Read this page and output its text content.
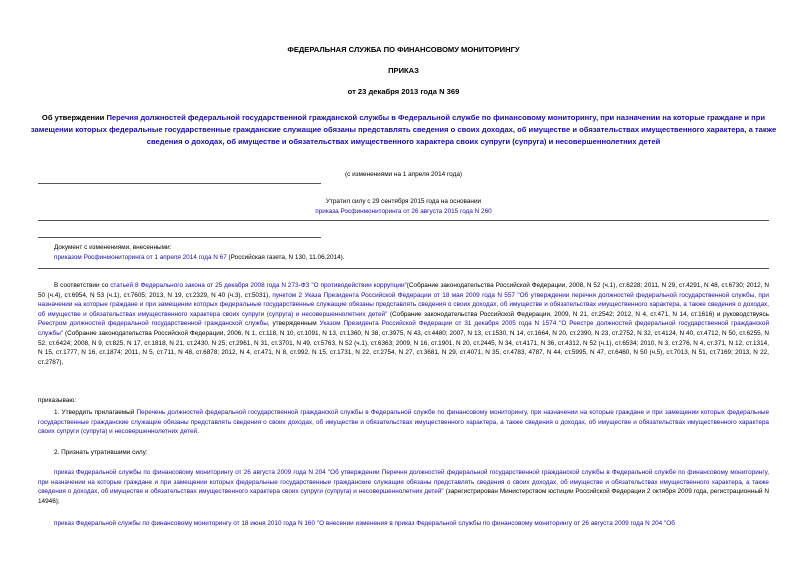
ФЕДЕРАЛЬНАЯ СЛУЖБА ПО ФИНАНСОВОМУ МОНИТОРИНГУ
ПРИКАЗ
от 23 декабря 2013 года N 369
Об утверждении Перечня должностей федеральной государственной гражданской службы в Федеральной службе по финансовому мониторингу, при назначении на которые граждане и при замещении которых федеральные государственные гражданские служащие обязаны представлять сведения о своих доходах, об имуществе и обязательствах имущественного характера, а также сведения о доходах, об имуществе и обязательствах имущественного характера своих супруги (супруга) и несовершеннолетних детей
(с изменениями на 1 апреля 2014 года)
Утратил силу с 29 сентября 2015 года на основании
приказа Росфинмониторинга от 26 августа 2015 года N 260
Документ с изменениями, внесенными:
приказом Росфинмониторинга от 1 апреля 2014 года N 67 (Российская газета, N 130, 11.06.2014).
В соответствии со статьей 8 Федерального закона от 25 декабря 2008 года N 273-ФЗ "О противодействии коррупции"(Собрание законодательства Российской Федерации, 2008, N 52 (ч.1), ст.6228; 2011, N 29, ст.4291, N 48, ст.6730; 2012, N 50 (ч.4), ст.6954, N 53 (ч.1), ст.7605; 2013, N 19, ст.2329, N 40 (ч.3), ст.5031), пунктом 2 Указа Президента Российской Федерации от 18 мая 2009 года N 557 "Об утверждении перечня должностей федеральной государственной службы, при назначении на которые граждане и при замещении которых федеральные государственные служащие обязаны представлять сведения о своих доходах, об имуществе и обязательствах имущественного характера, а также сведения о доходах, об имуществе и обязательствах имущественного характера своих супруги (супруга) и несовершеннолетних детей" (Собрание законодательства Российской Федерации, 2009, N 21, ст.2542; 2012, N 4, ст.471, N 14, ст.1616) и руководствуясь Реестром должностей федеральной государственной гражданской службы, утвержденным Указом Президента Российской Федерации от 31 декабря 2005 года N 1574 "О Реестре должностей федеральной государственной гражданской службы" (Собрание законодательства Российской Федерации, 2006, N 1, ст.118, N 10, ст.1091, N 13, ст.1360, N 38, ст.3975, N 43, ст.4480; 2007, N 13, ст.1530, N 14, ст.1664, N 20, ст.2390, N 23, ст.2752, N 32, ст.4124, N 40, ст.4712, N 50, ст.6255, N 52, ст.6424; 2008, N 9, ст.825, N 17, ст.1818, N 21, ст.2430, N 25, ст.2961, N 31, ст.3701, N 49, ст.5763, N 52 (ч.1), ст.6363; 2009, N 16, ст.1901, N 20, ст.2445, N 34, ст.4171, N 36, ст.4312, N 52 (ч.1), ст.6534; 2010, N 3, ст.276, N 4, ст.371, N 12, ст.1314, N 15, ст.1777, N 16, ст.1874; 2011, N 5, ст.711, N 48, ст.6878; 2012, N 4, ст.471, N 8, ст.992, N 15, ст.1731, N 22, ст.2754, N 27, ст.3681, N 29, ст.4071, N 35, ст.4783, 4787, N 44, ст.5995, N 47, ст.6460, N 50 (ч.5), ст.7013, N 51, ст.7169; 2013, N 22, ст.2787),
приказываю:
1. Утвердить прилагаемый Перечень должностей федеральной государственной гражданской службы в Федеральной службе по финансовому мониторингу, при назначении на которые граждане и при замещении которых федеральные государственные гражданские служащие обязаны представлять сведения о своих доходах, об имуществе и обязательствах имущественного характера, а также сведения о доходах, об имуществе и обязательствах имущественного характера своих супруги (супруга) и несовершеннолетних детей.
2. Признать утратившими силу:
приказ Федеральной службы по финансовому мониторингу от 26 августа 2009 года N 204 "Об утверждении Перечня должностей федеральной государственной гражданской службы в Федеральной службе по финансовому мониторингу, при назначении на которые граждане и при замещении которых федеральные государственные гражданские служащие обязаны представлять сведения о своих доходах, об имуществе и обязательствах имущественного характера, а также сведения о доходах, об имуществе и обязательствах имущественного характера своих супруги (супруга) и несовершеннолетних детей" (зарегистрирован Министерством юстиции Российской Федерации 2 октября 2009 года, регистрационный N 14946);
приказ Федеральной службы по финансовому мониторингу от 18 июня 2010 года N 160 "О внесении изменения в приказ Федеральной службы по финансовому мониторингу от 26 августа 2009 года N 204 "Об
